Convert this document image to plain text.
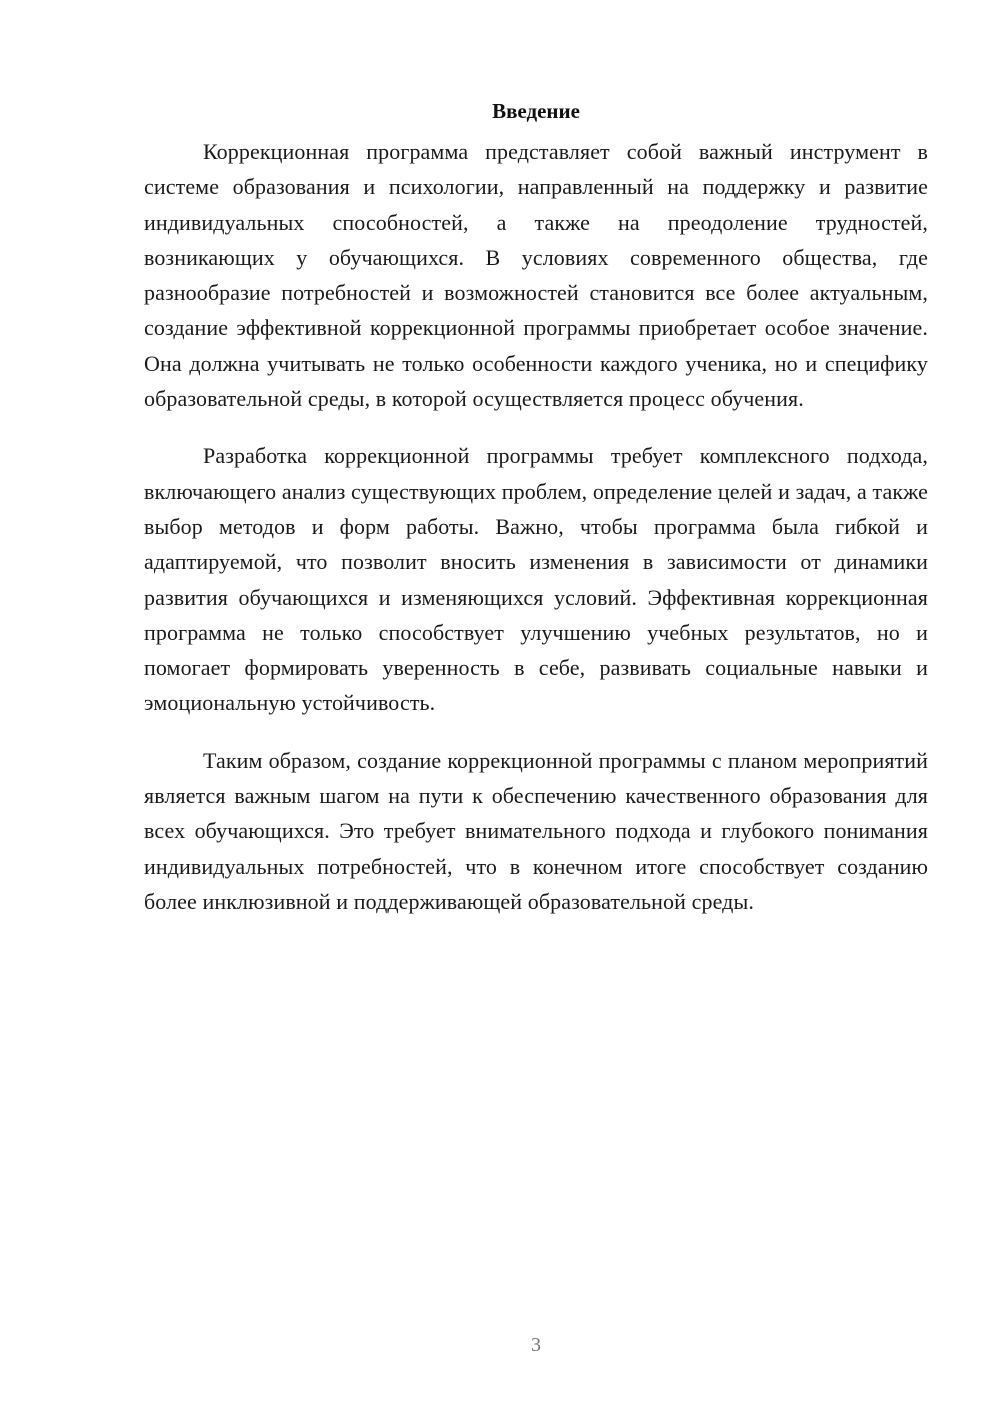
Введение

Коррекционная программа представляет собой важный инструмент в системе образования и психологии, направленный на поддержку и развитие индивидуальных способностей, а также на преодоление трудностей, возникающих у обучающихся. В условиях современного общества, где разнообразие потребностей и возможностей становится все более актуальным, создание эффективной коррекционной программы приобретает особое значение. Она должна учитывать не только особенности каждого ученика, но и специфику образовательной среды, в которой осуществляется процесс обучения.

Разработка коррекционной программы требует комплексного подхода, включающего анализ существующих проблем, определение целей и задач, а также выбор методов и форм работы. Важно, чтобы программа была гибкой и адаптируемой, что позволит вносить изменения в зависимости от динамики развития обучающихся и изменяющихся условий. Эффективная коррекционная программа не только способствует улучшению учебных результатов, но и помогает формировать уверенность в себе, развивать социальные навыки и эмоциональную устойчивость.

Таким образом, создание коррекционной программы с планом мероприятий является важным шагом на пути к обеспечению качественного образования для всех обучающихся. Это требует внимательного подхода и глубокого понимания индивидуальных потребностей, что в конечном итоге способствует созданию более инклюзивной и поддерживающей образовательной среды.

3
